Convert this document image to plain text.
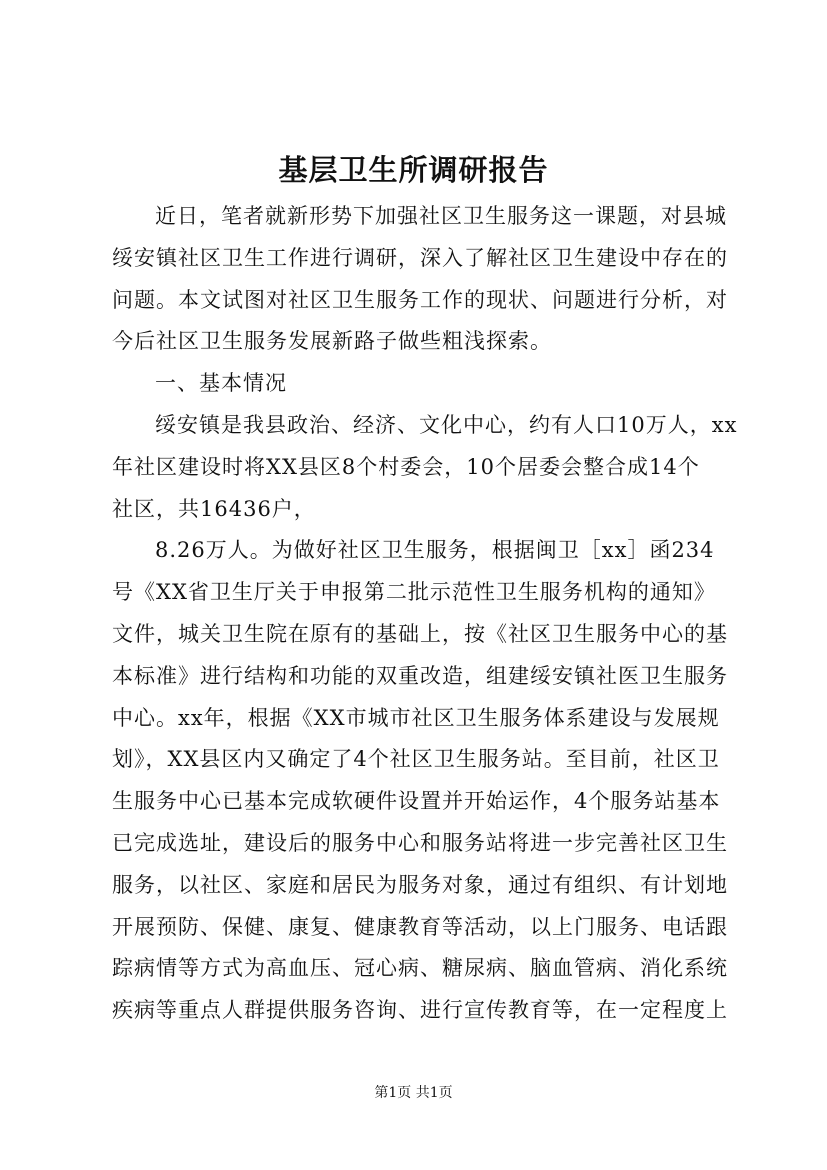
基层卫生所调研报告
近日，笔者就新形势下加强社区卫生服务这一课题，对县城
绥安镇社区卫生工作进行调研，深入了解社区卫生建设中存在的
问题。本文试图对社区卫生服务工作的现状、问题进行分析，对
今后社区卫生服务发展新路子做些粗浅探索。
一、基本情况
绥安镇是我县政治、经济、文化中心，约有人口10万人，xx
年社区建设时将XX县区8个村委会，10个居委会整合成14个
社区，共16436户，
8.26万人。为做好社区卫生服务，根据闽卫［xx］函234
号《XX省卫生厅关于申报第二批示范性卫生服务机构的通知》
文件，城关卫生院在原有的基础上，按《社区卫生服务中心的基
本标准》进行结构和功能的双重改造，组建绥安镇社医卫生服务
中心。xx年，根据《XX市城市社区卫生服务体系建设与发展规
划》，XX县区内又确定了4个社区卫生服务站。至目前，社区卫
生服务中心已基本完成软硬件设置并开始运作，4个服务站基本
已完成选址，建设后的服务中心和服务站将进一步完善社区卫生
服务，以社区、家庭和居民为服务对象，通过有组织、有计划地
开展预防、保健、康复、健康教育等活动，以上门服务、电话跟
踪病情等方式为高血压、冠心病、糖尿病、脑血管病、消化系统
疾病等重点人群提供服务咨询、进行宣传教育等，在一定程度上
第1页 共1页
